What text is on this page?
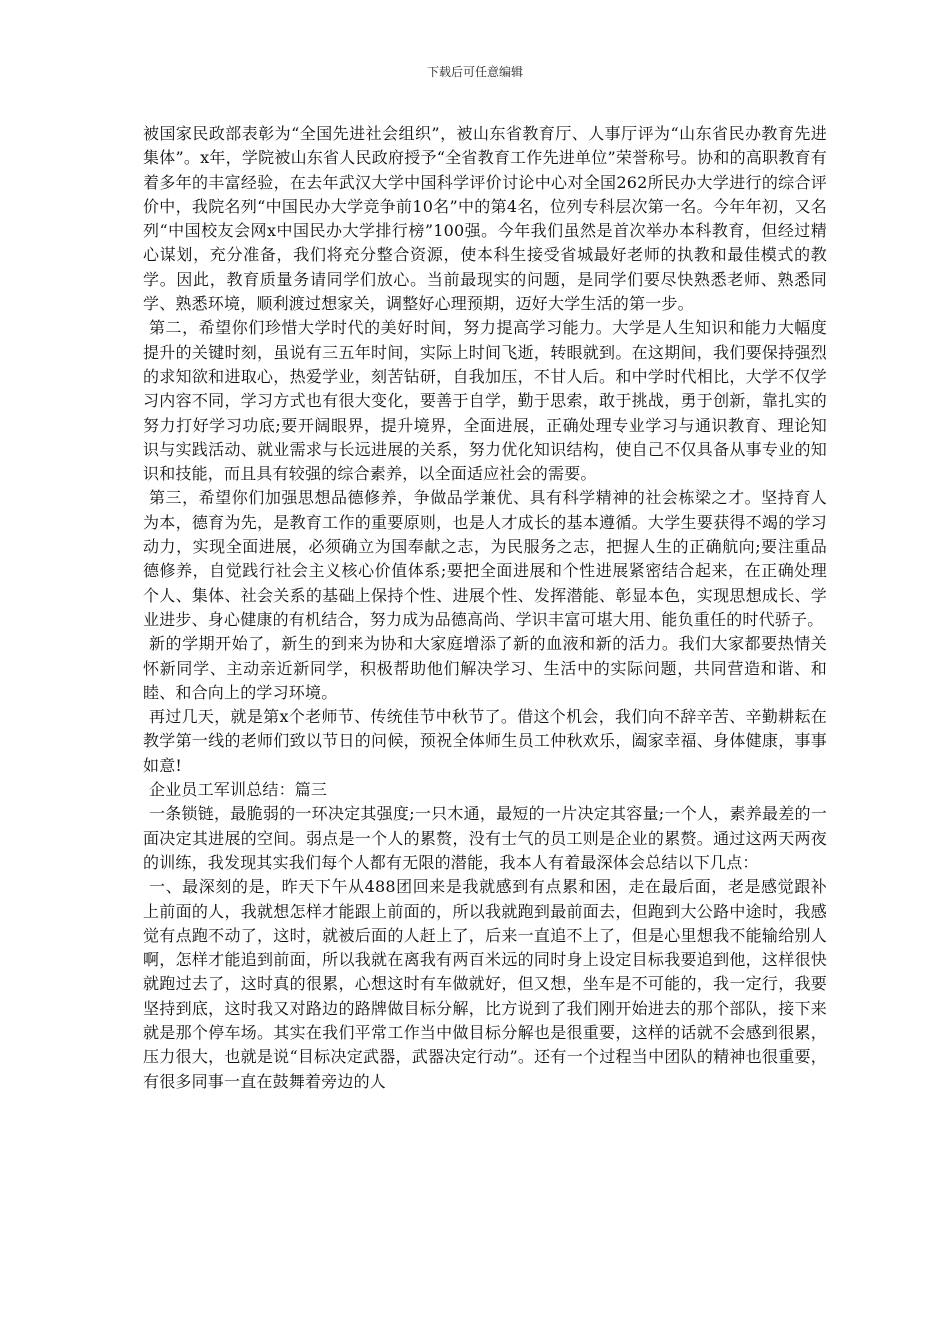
下载后可任意编辑

被国家民政部表彰为“全国先进社会组织”，被山东省教育厅、人事厅评为“山东省民办教育先进集体”。x年，学院被山东省人民政府授予“全省教育工作先进单位”荣誉称号。协和的高职教育有着多年的丰富经验，在去年武汉大学中国科学评价讨论中心对全国262所民办大学进行的综合评价中，我院名列“中国民办大学竞争前10名”中的第4名，位列专科层次第一名。今年年初，又名列“中国校友会网x中国民办大学排行榜”100强。今年我们虽然是首次举办本科教育，但经过精心谋划，充分准备，我们将充分整合资源，使本科生接受省城最好老师的执教和最佳模式的教学。因此，教育质量务请同学们放心。当前最现实的问题，是同学们要尽快熟悉老师、熟悉同学、熟悉环境，顺利渡过想家关，调整好心理预期，迈好大学生活的第一步。

第二，希望你们珍惜大学时代的美好时间，努力提高学习能力。大学是人生知识和能力大幅度提升的关键时刻，虽说有三五年时间，实际上时间飞逝，转眼就到。在这期间，我们要保持强烈的求知欲和进取心，热爱学业，刻苦钻研，自我加压，不甘人后。和中学时代相比，大学不仅学习内容不同，学习方式也有很大变化，要善于自学，勤于思索，敢于挑战，勇于创新，靠扎实的努力打好学习功底;要开阔眼界，提升境界，全面进展，正确处理专业学习与通识教育、理论知识与实践活动、就业需求与长远进展的关系，努力优化知识结构，使自己不仅具备从事专业的知识和技能，而且具有较强的综合素养，以全面适应社会的需要。

第三，希望你们加强思想品德修养，争做品学兼优、具有科学精神的社会栋梁之才。坚持育人为本，德育为先，是教育工作的重要原则，也是人才成长的基本遵循。大学生要获得不竭的学习动力，实现全面进展，必须确立为国奉献之志，为民服务之志，把握人生的正确航向;要注重品德修养，自觉践行社会主义核心价值体系;要把全面进展和个性进展紧密结合起来，在正确处理个人、集体、社会关系的基础上保持个性、进展个性、发挥潜能、彰显本色，实现思想成长、学业进步、身心健康的有机结合，努力成为品德高尚、学识丰富可堪大用、能负重任的时代骄子。

新的学期开始了，新生的到来为协和大家庭增添了新的血液和新的活力。我们大家都要热情关怀新同学、主动亲近新同学，积极帮助他们解决学习、生活中的实际问题，共同营造和谐、和睦、和合向上的学习环境。

再过几天，就是第x个老师节、传统佳节中秋节了。借这个机会，我们向不辞辛苦、辛勤耕耘在教学第一线的老师们致以节日的问候，预祝全体师生员工仲秋欢乐，阖家幸福、身体健康，事事如意!

企业员工军训总结：篇三

一条锁链，最脆弱的一环决定其强度;一只木通，最短的一片决定其容量;一个人，素养最差的一面决定其进展的空间。弱点是一个人的累赘，没有士气的员工则是企业的累赘。通过这两天两夜的训练，我发现其实我们每个人都有无限的潜能，我本人有着最深体会总结以下几点：

一、最深刻的是，昨天下午从488团回来是我就感到有点累和困，走在最后面，老是感觉跟补上前面的人，我就想怎样才能跟上前面的，所以我就跑到最前面去，但跑到大公路中途时，我感觉有点跑不动了，这时，就被后面的人赶上了，后来一直追不上了，但是心里想我不能输给别人啊，怎样才能追到前面，所以我就在离我有两百米远的同时身上设定目标我要追到他，这样很快就跑过去了，这时真的很累，心想这时有车做就好，但又想，坐车是不可能的，我一定行，我要坚持到底，这时我又对路边的路牌做目标分解，比方说到了我们刚开始进去的那个部队，接下来就是那个停车场。其实在我们平常工作当中做目标分解也是很重要，这样的话就不会感到很累，压力很大，也就是说“目标决定武器，武器决定行动”。还有一个过程当中团队的精神也很重要，有很多同事一直在鼓舞着旁边的人
